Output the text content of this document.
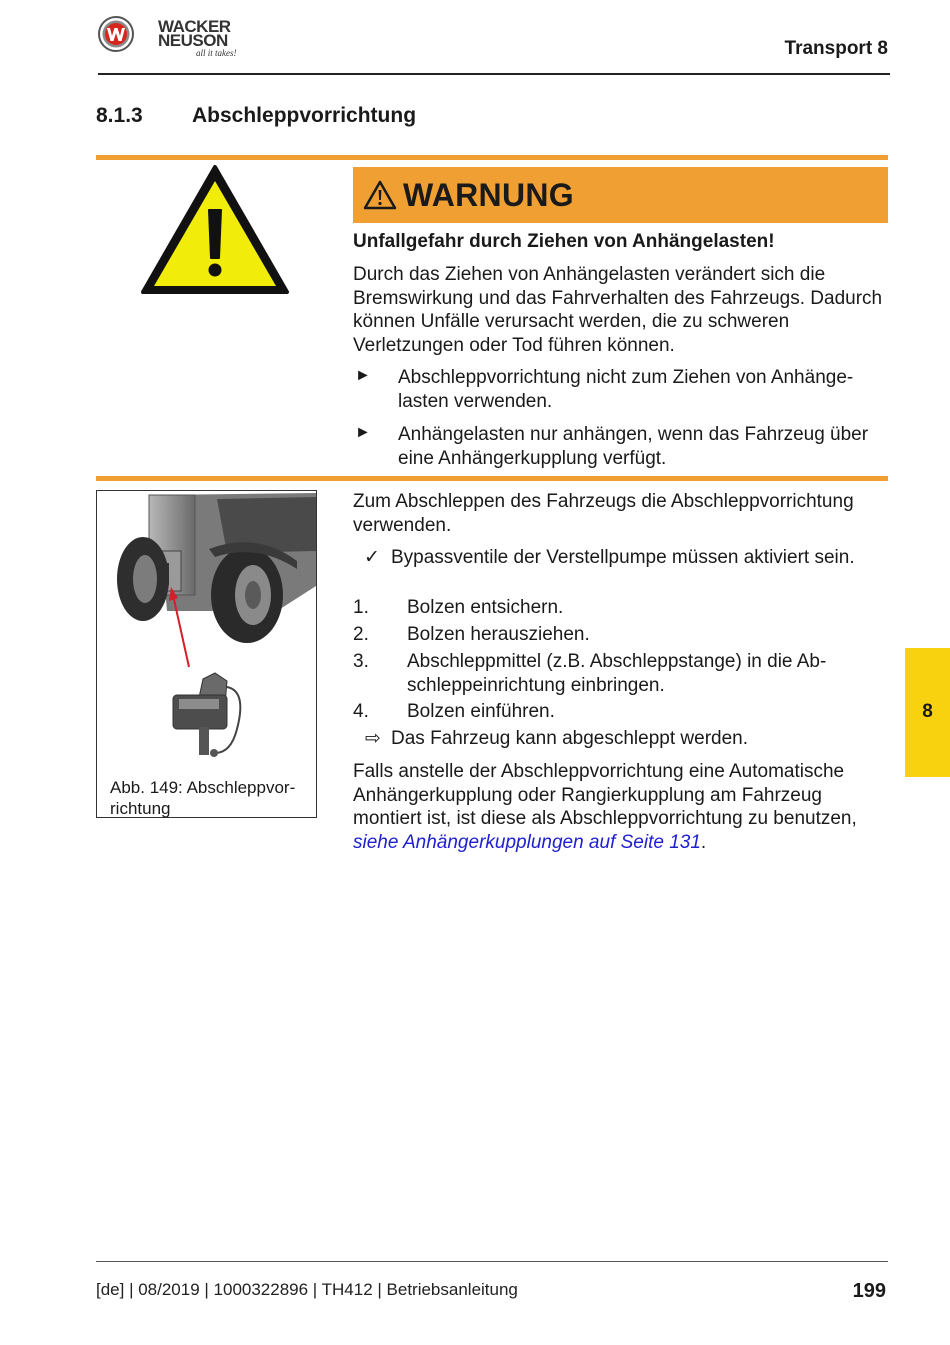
WACKER
NEUSON
all it takes!	Transport 8
8.1.3 Abschleppvorrichtung
WARNUNG
Unfallgefahr durch Ziehen von Anhängelasten!
Durch das Ziehen von Anhängelasten verändert sich die Bremswirkung und das Fahrverhalten des Fahrzeugs. Dadurch können Unfälle verursacht werden, die zu schweren Verletzungen oder Tod führen können.
► Abschleppvorrichtung nicht zum Ziehen von Anhängelasten verwenden.
► Anhängelasten nur anhängen, wenn das Fahrzeug über eine Anhängerkupplung verfügt.
Abb. 149: Abschleppvorrichtung
Zum Abschleppen des Fahrzeugs die Abschleppvorrichtung verwenden.
✓ Bypassventile der Verstellpumpe müssen aktiviert sein.
1. Bolzen entsichern.
2. Bolzen herausziehen.
3. Abschleppmittel (z.B. Abschleppstange) in die Abschleppeinrichtung einbringen.
4. Bolzen einführen.
⇨ Das Fahrzeug kann abgeschleppt werden.
Falls anstelle der Abschleppvorrichtung eine Automatische Anhängerkupplung oder Rangierkupplung am Fahrzeug montiert ist, ist diese als Abschleppvorrichtung zu benutzen, siehe Anhängerkupplungen auf Seite 131.
8
[de] | 08/2019 | 1000322896 | TH412 | Betriebsanleitung	199
